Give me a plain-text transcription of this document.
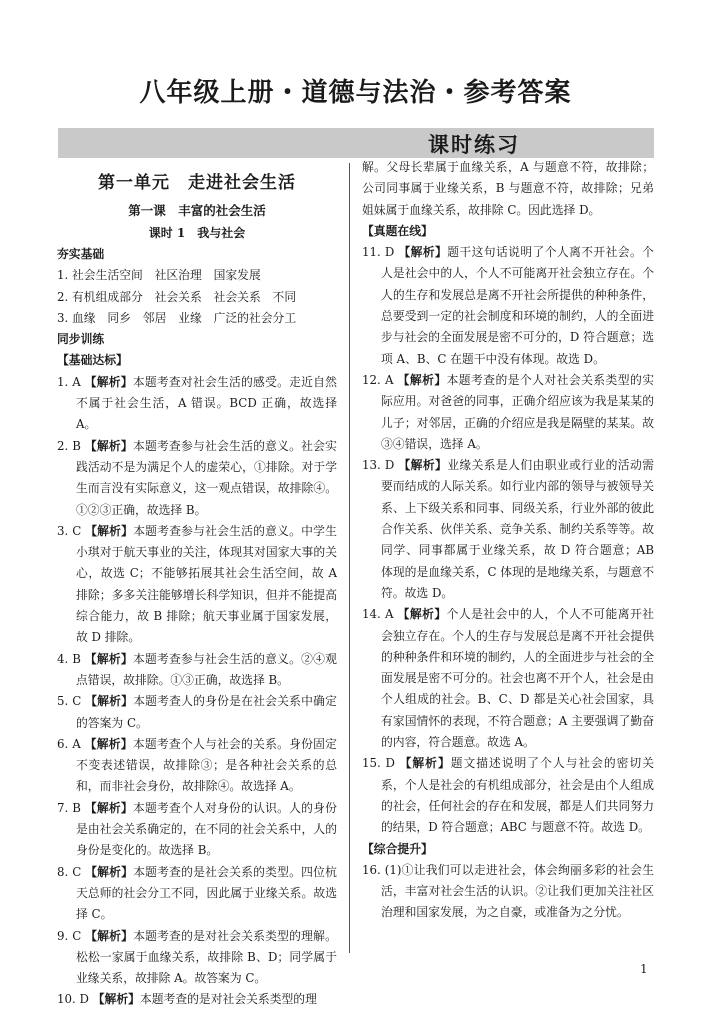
八年级上册・道德与法治・参考答案
课时练习
第一单元　走进社会生活
第一课　丰富的社会生活
课时 1　我与社会
夯实基础
1. 社会生活空间　社区治理　国家发展
2. 有机组成部分　社会关系　社会关系　不同
3. 血缘　同乡　邻居　业缘　广泛的社会分工
同步训练
【基础达标】
1. A 【解析】本题考查对社会生活的感受。走近自然不属于社会生活，A 错误。BCD 正确，故选择 A。
2. B 【解析】本题考查参与社会生活的意义。社会实践活动不是为满足个人的虚荣心，①排除。对于学生而言没有实际意义，这一观点错误，故排除④。①②③正确，故选择 B。
3. C 【解析】本题考查参与社会生活的意义。中学生小琪对于航天事业的关注，体现其对国家大事的关心，故选 C；不能够拓展其社会生活空间，故 A 排除；多多关注能够增长科学知识，但并不能提高综合能力，故 B 排除；航天事业属于国家发展，故 D 排除。
4. B 【解析】本题考查参与社会生活的意义。②④观点错误，故排除。①③正确，故选择 B。
5. C 【解析】本题考查人的身份是在社会关系中确定的答案为 C。
6. A 【解析】本题考查个人与社会的关系。身份固定不变表述错误，故排除③；是各种社会关系的总和，而非社会身份，故排除④。故选择 A。
7. B 【解析】本题考查个人对身份的认识。人的身份是由社会关系确定的，在不同的社会关系中，人的身份是变化的。故选择 B。
8. C 【解析】本题考查的是社会关系的类型。四位杭天总师的社会分工不同，因此属于业缘关系。故选择 C。
9. C 【解析】本题考查的是对社会关系类型的理解。松松一家属于血缘关系，故排除 B、D；同学属于业缘关系，故排除 A。故答案为 C。
10. D 【解析】本题考查的是对社会关系类型的理
解。父母长辈属于血缘关系，A 与题意不符，故排除；公司同事属于业缘关系，B 与题意不符，故排除；兄弟姐妹属于血缘关系，故排除 C。因此选择 D。
【真题在线】
11. D 【解析】题干这句话说明了个人离不开社会。个人是社会中的人，个人不可能离开社会独立存在。个人的生存和发展总是离不开社会所提供的种种条件，总要受到一定的社会制度和环境的制约，人的全面进步与社会的全面发展是密不可分的，D 符合题意；选项 A、B、C 在题干中没有体现。故选 D。
12. A 【解析】本题考查的是个人对社会关系类型的实际应用。对爸爸的同事，正确介绍应该为我是某某的儿子；对邻居，正确的介绍应是我是隔壁的某某。故③④错误，选择 A。
13. D 【解析】业缘关系是人们由职业或行业的活动需要而结成的人际关系。如行业内部的领导与被领导关系、上下级关系和同事、同级关系，行业外部的彼此合作关系、伙伴关系、竞争关系、制约关系等等。故同学、同事都属于业缘关系，故 D 符合题意；AB 体现的是血缘关系，C 体现的是地缘关系，与题意不符。故选 D。
14. A 【解析】个人是社会中的人，个人不可能离开社会独立存在。个人的生存与发展总是离不开社会提供的种种条件和环境的制约，人的全面进步与社会的全面发展是密不可分的。社会也离不开个人，社会是由个人组成的社会。B、C、D 都是关心社会国家，具有家国情怀的表现，不符合题意；A 主要强调了勤奋的内容，符合题意。故选 A。
15. D 【解析】题文描述说明了个人与社会的密切关系，个人是社会的有机组成部分，社会是由个人组成的社会，任何社会的存在和发展，都是人们共同努力的结果，D 符合题意；ABC 与题意不符。故选 D。
【综合提升】
16. (1)①让我们可以走进社会，体会绚丽多彩的社会生活，丰富对社会生活的认识。②让我们更加关注社区治理和国家发展，为之自豪，或准备为之分忧。
1
